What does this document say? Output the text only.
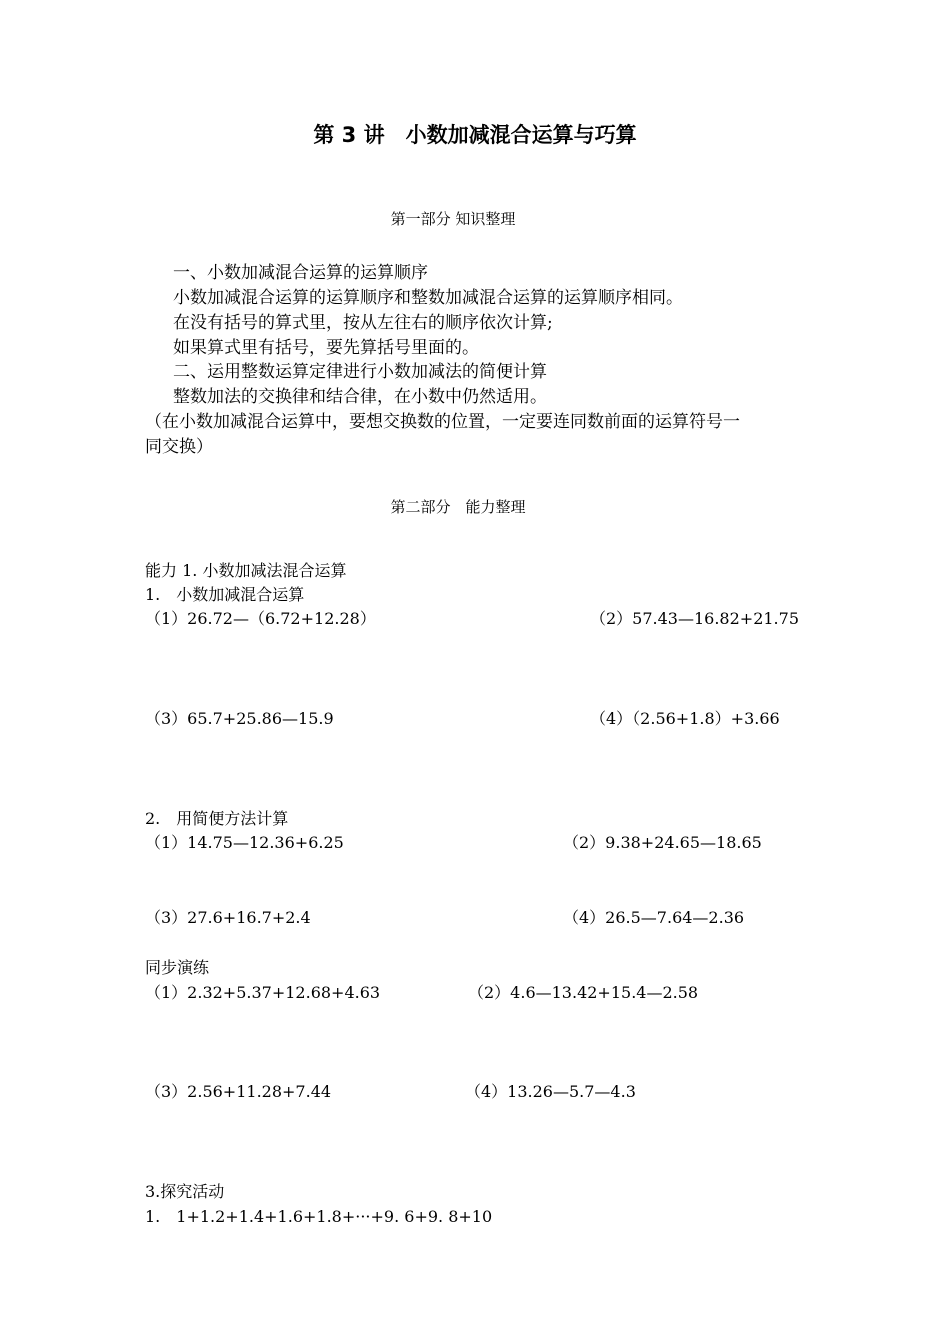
第 3 讲　小数加减混合运算与巧算
第一部分 知识整理
一、小数加减混合运算的运算顺序
小数加减混合运算的运算顺序和整数加减混合运算的运算顺序相同。
在没有括号的算式里，按从左往右的顺序依次计算;
如果算式里有括号，要先算括号里面的。
二、运用整数运算定律进行小数加减法的简便计算
整数加法的交换律和结合律，在小数中仍然适用。
（在小数加减混合运算中，要想交换数的位置，一定要连同数前面的运算符号一
同交换）
第二部分　能力整理
能力 1. 小数加减法混合运算
1.　小数加减混合运算
（1）26.72—（6.72+12.28）	（2）57.43—16.82+21.75
（3）65.7+25.86—15.9	（4）（2.56+1.8）+3.66
2.　用简便方法计算
（1）14.75—12.36+6.25	（2）9.38+24.65—18.65
（3）27.6+16.7+2.4	（4）26.5—7.64—2.36
同步演练
（1）2.32+5.37+12.68+4.63	（2）4.6—13.42+15.4—2.58
（3）2.56+11.28+7.44	（4）13.26—5.7—4.3
3.探究活动
1.　1+1.2+1.4+1.6+1.8+···+9. 6+9. 8+10
